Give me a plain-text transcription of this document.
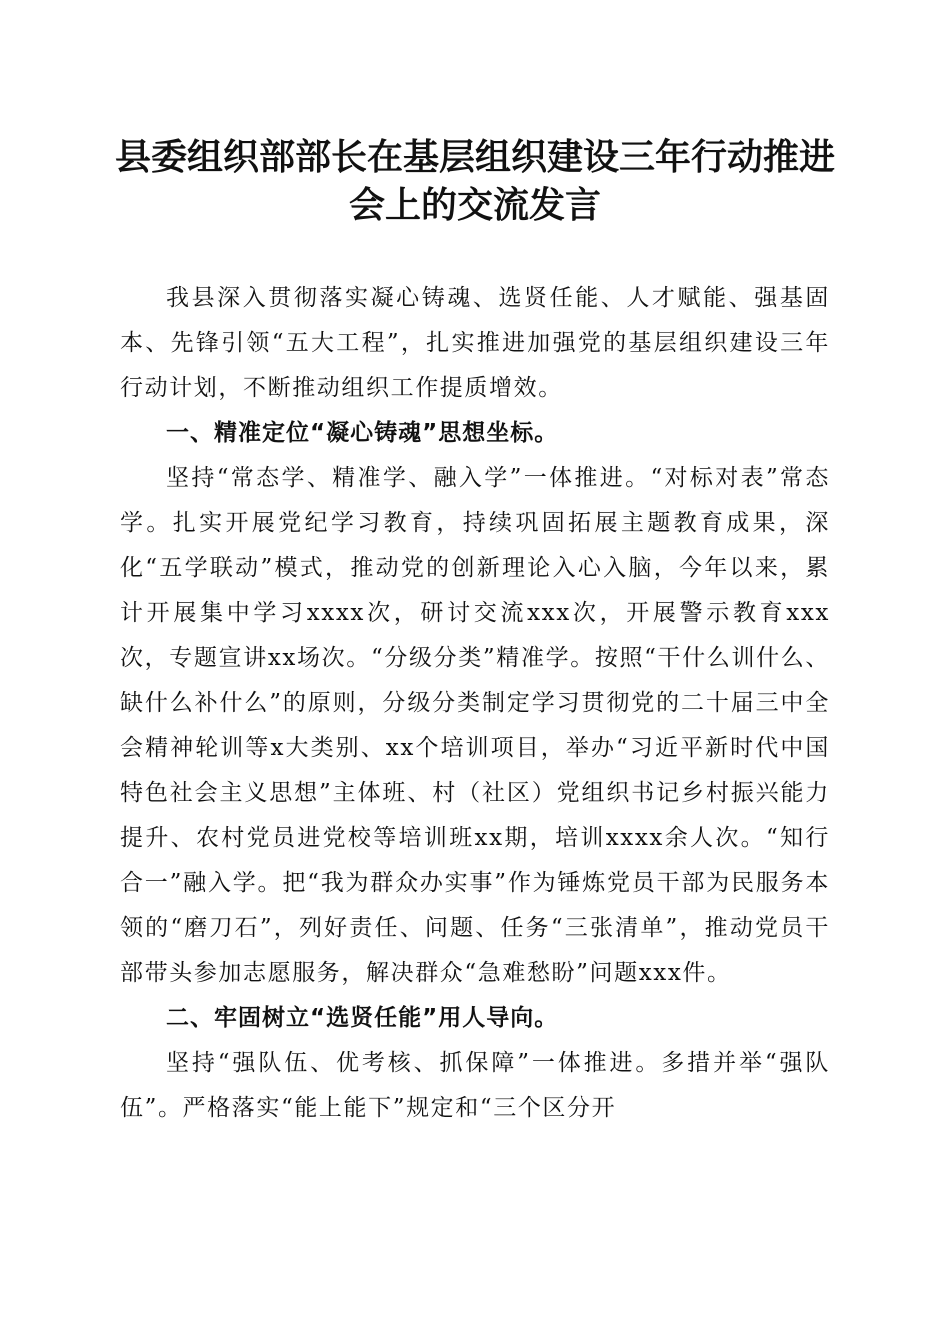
县委组织部部长在基层组织建设三年行动推进
会上的交流发言

我县深入贯彻落实凝心铸魂、选贤任能、人才赋能、强基固本、先锋引领“五大工程”，扎实推进加强党的基层组织建设三年行动计划，不断推动组织工作提质增效。

一、精准定位“凝心铸魂”思想坐标。

坚持“常态学、精准学、融入学”一体推进。“对标对表”常态学。扎实开展党纪学习教育，持续巩固拓展主题教育成果，深化“五学联动”模式，推动党的创新理论入心入脑，今年以来，累计开展集中学习xxxx次，研讨交流xxx次，开展警示教育xxx次，专题宣讲xx场次。“分级分类”精准学。按照“干什么训什么、缺什么补什么”的原则，分级分类制定学习贯彻党的二十届三中全会精神轮训等x大类别、xx个培训项目，举办“习近平新时代中国特色社会主义思想”主体班、村（社区）党组织书记乡村振兴能力提升、农村党员进党校等培训班xx期，培训xxxx余人次。“知行合一”融入学。把“我为群众办实事”作为锤炼党员干部为民服务本领的“磨刀石”，列好责任、问题、任务“三张清单”，推动党员干部带头参加志愿服务，解决群众“急难愁盼”问题xxx件。

二、牢固树立“选贤任能”用人导向。

坚持“强队伍、优考核、抓保障”一体推进。多措并举“强队伍”。严格落实“能上能下”规定和“三个区分开
